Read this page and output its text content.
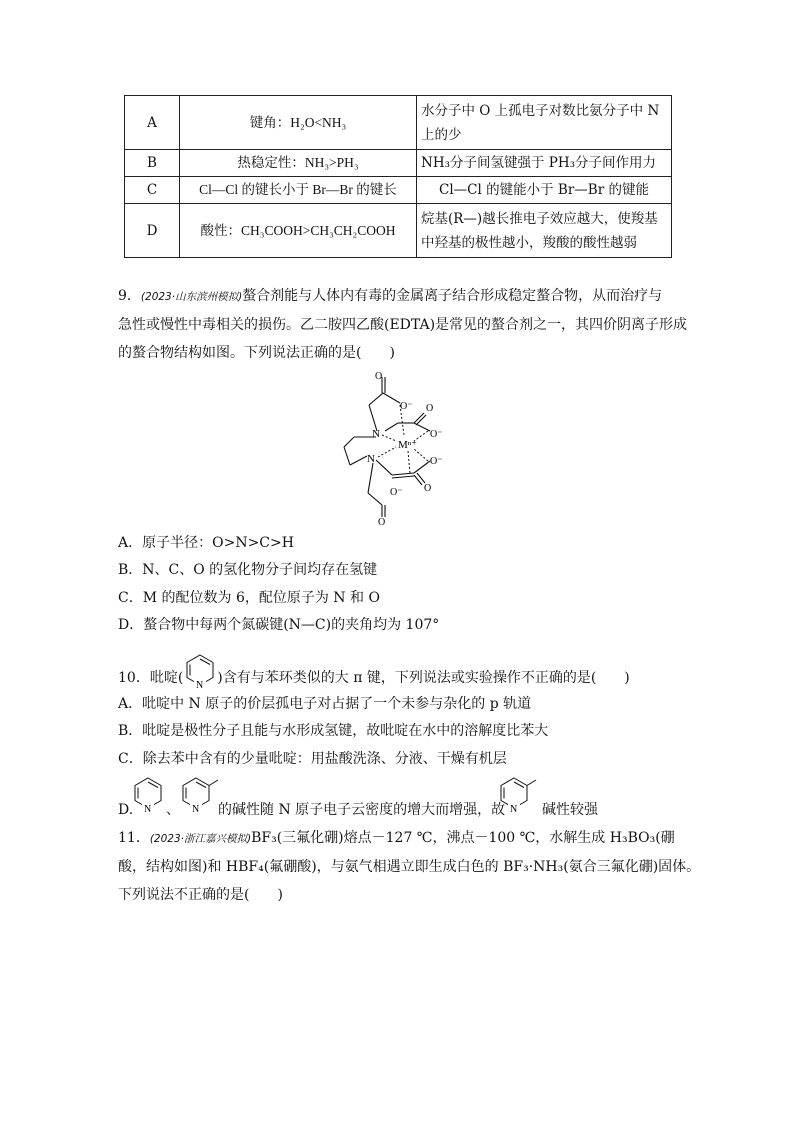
A	键角：H₂O<NH₃	水分子中 O 上孤电子对数比氨分子中 N 上的少
B	热稳定性：NH₃>PH₃	NH₃分子间氢键强于 PH₃分子间作用力
C	Cl—Cl 的键长小于 Br—Br 的键长	Cl—Cl 的键能小于 Br—Br 的键能
D	酸性：CH₃COOH>CH₃CH₂COOH	烷基(R—)越长推电子效应越大，使羧基中羟基的极性越小，羧酸的酸性越弱
9．(2023·山东滨州模拟)螯合剂能与人体内有毒的金属离子结合形成稳定螯合物，从而治疗与
急性或慢性中毒相关的损伤。乙二胺四乙酸(EDTA)是常见的螯合剂之一，其四价阴离子形成
的螯合物结构如图。下列说法正确的是(　　)
O
O⁻ O
O⁻
N
Mⁿ⁺
N	O⁻
O
O
O⁻
A．原子半径：O>N>C>H
B．N、C、O 的氢化物分子间均存在氢键
C．M 的配位数为 6，配位原子为 N 和 O
D．螯合物中每两个氮碳键(N—C)的夹角均为 107°
10．吡啶( N )含有与苯环类似的大 π 键，下列说法或实验操作不正确的是(　　)
A．吡啶中 N 原子的价层孤电子对占据了一个未参与杂化的 p 轨道
B．吡啶是极性分子且能与水形成氢键，故吡啶在水中的溶解度比苯大
C．除去苯中含有的少量吡啶：用盐酸洗涤、分液、干燥有机层
D. N 、 N 的碱性随 N 原子电子云密度的增大而增强，故 N 碱性较强
11．(2023·浙江嘉兴模拟)BF₃(三氟化硼)熔点－127 ℃，沸点－100 ℃，水解生成 H₃BO₃(硼
酸，结构如图)和 HBF₄(氟硼酸)，与氨气相遇立即生成白色的 BF₃·NH₃(氨合三氟化硼)固体。
下列说法不正确的是(　　)
